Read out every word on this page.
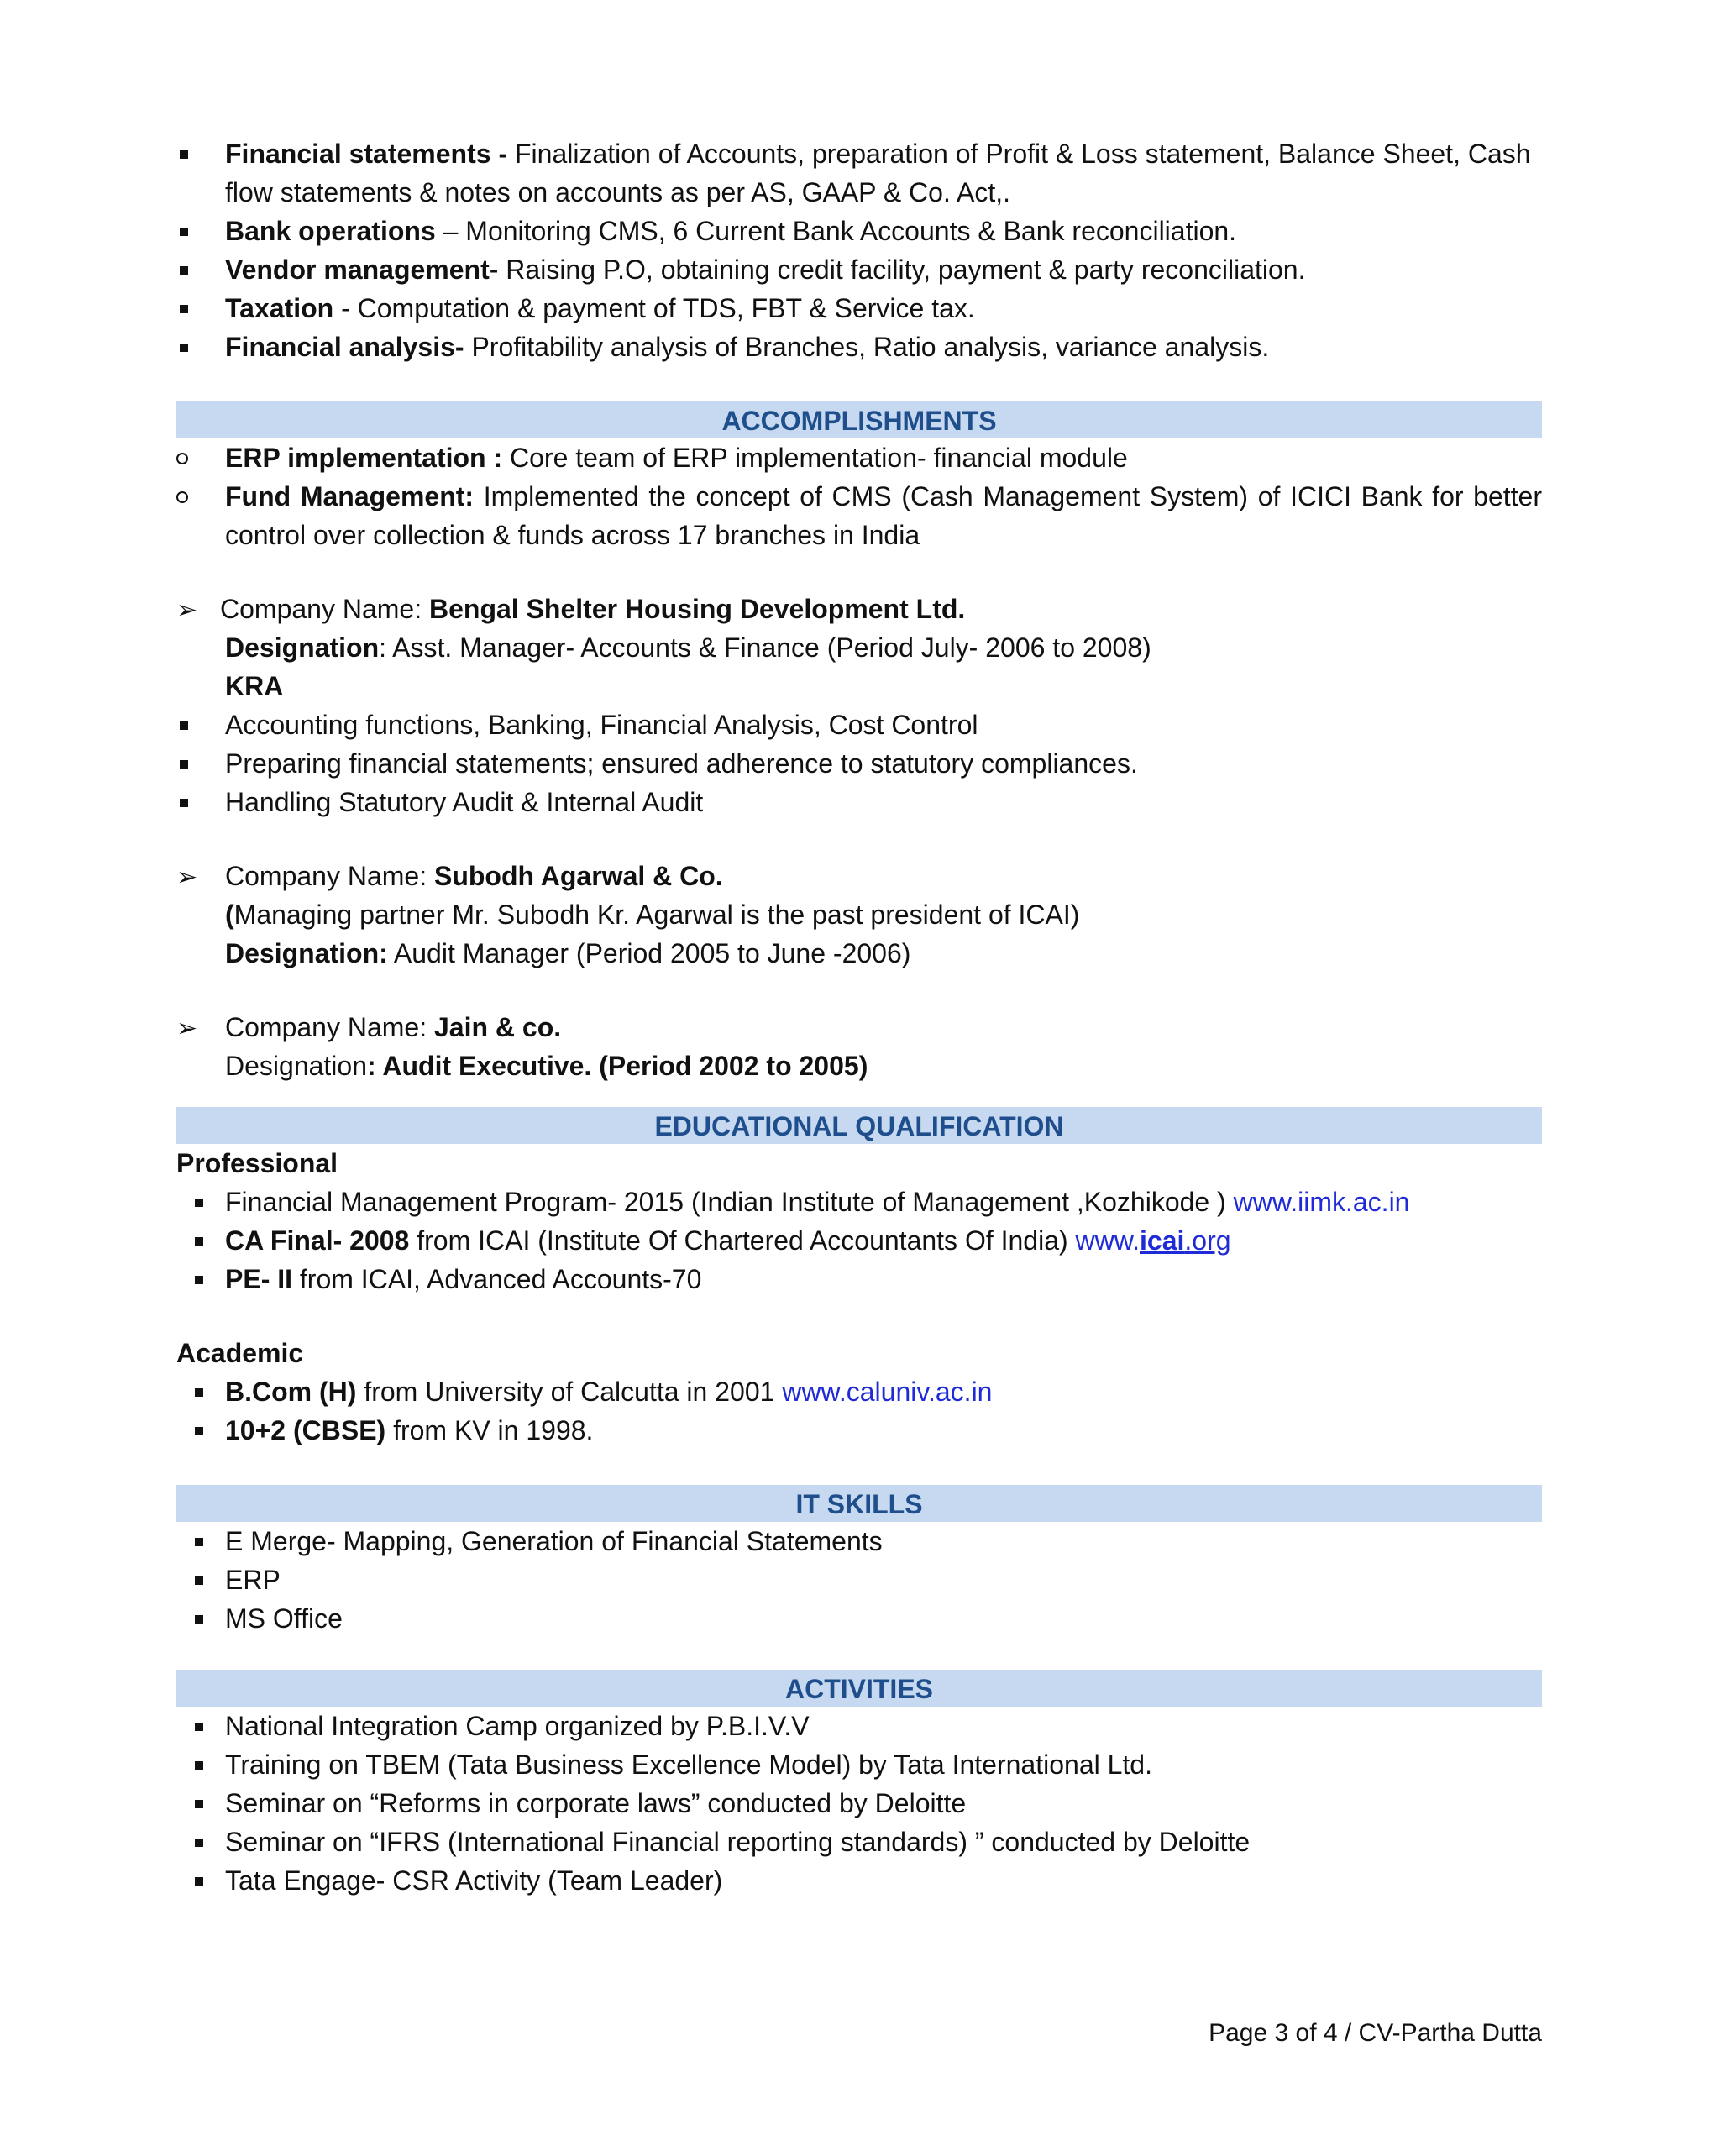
Financial statements - Finalization of Accounts, preparation of Profit & Loss statement, Balance Sheet, Cash flow statements & notes on accounts as per AS, GAAP & Co. Act,.
Bank operations – Monitoring CMS, 6 Current Bank Accounts & Bank reconciliation.
Vendor management- Raising P.O, obtaining credit facility, payment & party reconciliation.
Taxation - Computation & payment of TDS, FBT & Service tax.
Financial analysis- Profitability analysis of Branches, Ratio analysis, variance analysis.
ACCOMPLISHMENTS
ERP implementation : Core team of ERP implementation- financial module
Fund Management: Implemented the concept of CMS (Cash Management System) of ICICI Bank for better control over collection & funds across 17 branches in India
➢ Company Name: Bengal Shelter Housing Development Ltd.
Designation: Asst. Manager- Accounts & Finance (Period July- 2006 to 2008)
KRA
Accounting functions, Banking, Financial Analysis, Cost Control
Preparing financial statements; ensured adherence to statutory compliances.
Handling Statutory Audit & Internal Audit
➢ Company Name: Subodh Agarwal & Co.
(Managing partner Mr. Subodh Kr. Agarwal is the past president of ICAI)
Designation: Audit Manager (Period 2005 to June -2006)
➢ Company Name: Jain & co.
Designation: Audit Executive. (Period 2002 to 2005)
EDUCATIONAL QUALIFICATION
Professional
Financial Management Program- 2015 (Indian Institute of Management ,Kozhikode ) www.iimk.ac.in
CA Final- 2008 from ICAI (Institute Of Chartered Accountants Of India) www.icai.org
PE- II from ICAI, Advanced Accounts-70
Academic
B.Com (H) from University of Calcutta in 2001 www.caluniv.ac.in
10+2 (CBSE) from KV in 1998.
IT SKILLS
E Merge- Mapping, Generation of Financial Statements
ERP
MS Office
ACTIVITIES
National Integration Camp organized by P.B.I.V.V
Training on TBEM (Tata Business Excellence Model) by Tata International Ltd.
Seminar on “Reforms in corporate laws” conducted by Deloitte
Seminar on “IFRS (International Financial reporting standards) ” conducted by Deloitte
Tata Engage- CSR Activity (Team Leader)
Page 3 of 4 / CV-Partha Dutta
